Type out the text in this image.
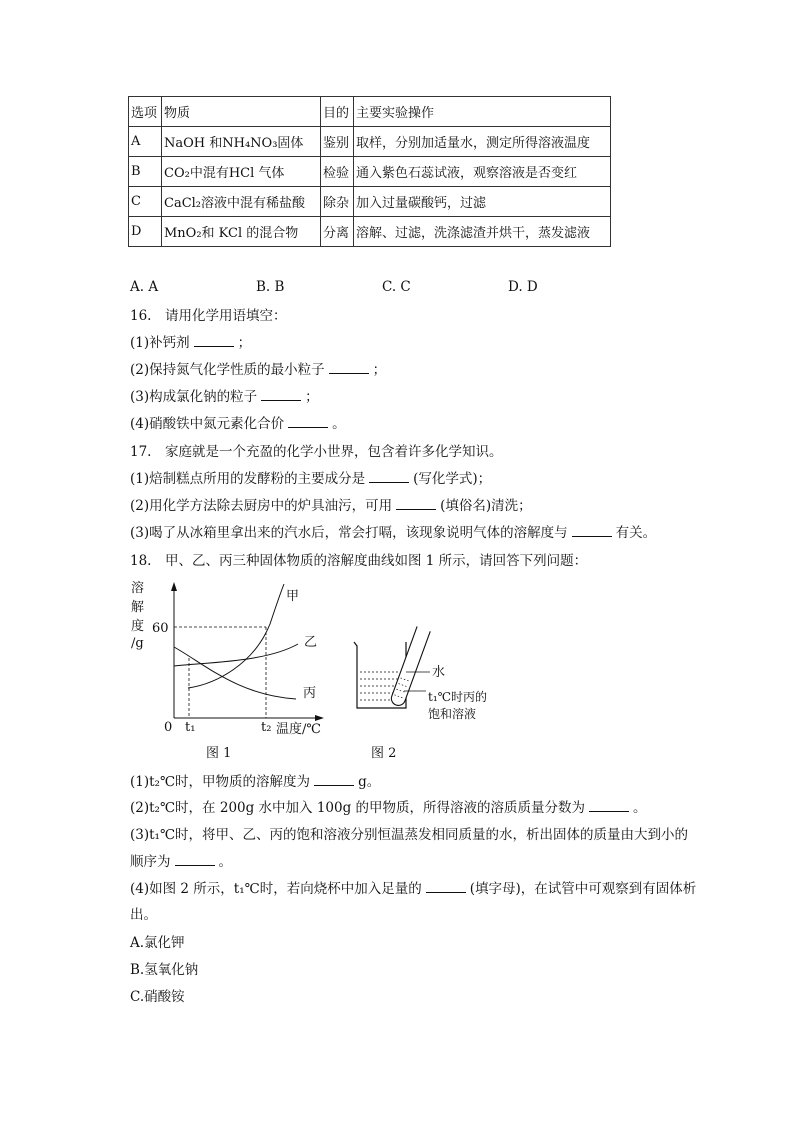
选项	物质	目的	主要实验操作
A	NaOH 和NH₄NO₃固体	鉴别	取样，分别加适量水，测定所得溶液温度
B	CO₂中混有HCl 气体	检验	通入紫色石蕊试液，观察溶液是否变红
C	CaCl₂溶液中混有稀盐酸	除杂	加入过量碳酸钙，过滤
D	MnO₂和 KCl 的混合物	分离	溶解、过滤，洗涤滤渣并烘干，蒸发滤液
A. A	B. B	C. C	D. D
16.　请用化学用语填空：
(1)补钙剂	；
(2)保持氮气化学性质的最小粒子	；
(3)构成氯化钠的粒子	；
(4)硝酸铁中氮元素化合价	。
17.　家庭就是一个充盈的化学小世界，包含着许多化学知识。
(1)焙制糕点所用的发酵粉的主要成分是	(写化学式)；
(2)用化学方法除去厨房中的炉具油污，可用	(填俗名)清洗；
(3)喝了从冰箱里拿出来的汽水后，常会打嗝，该现象说明气体的溶解度与	有关。
18.　甲、乙、丙三种固体物质的溶解度曲线如图 1 所示，请回答下列问题：
溶
解
度
/g
60
0 t₁	t₂ 温度/℃
甲
乙
丙
图 1
水
t₁℃时丙的
饱和溶液
图 2
(1)t₂℃时，甲物质的溶解度为	g。
(2)t₂℃时，在 200g 水中加入 100g 的甲物质，所得溶液的溶质质量分数为	。
(3)t₁℃时，将甲、乙、丙的饱和溶液分别恒温蒸发相同质量的水，析出固体的质量由大到小的
顺序为	。
(4)如图 2 所示，t₁℃时，若向烧杯中加入足量的	(填字母)，在试管中可观察到有固体析
出。
A.氯化钾
B.氢氧化钠
C.硝酸铵
